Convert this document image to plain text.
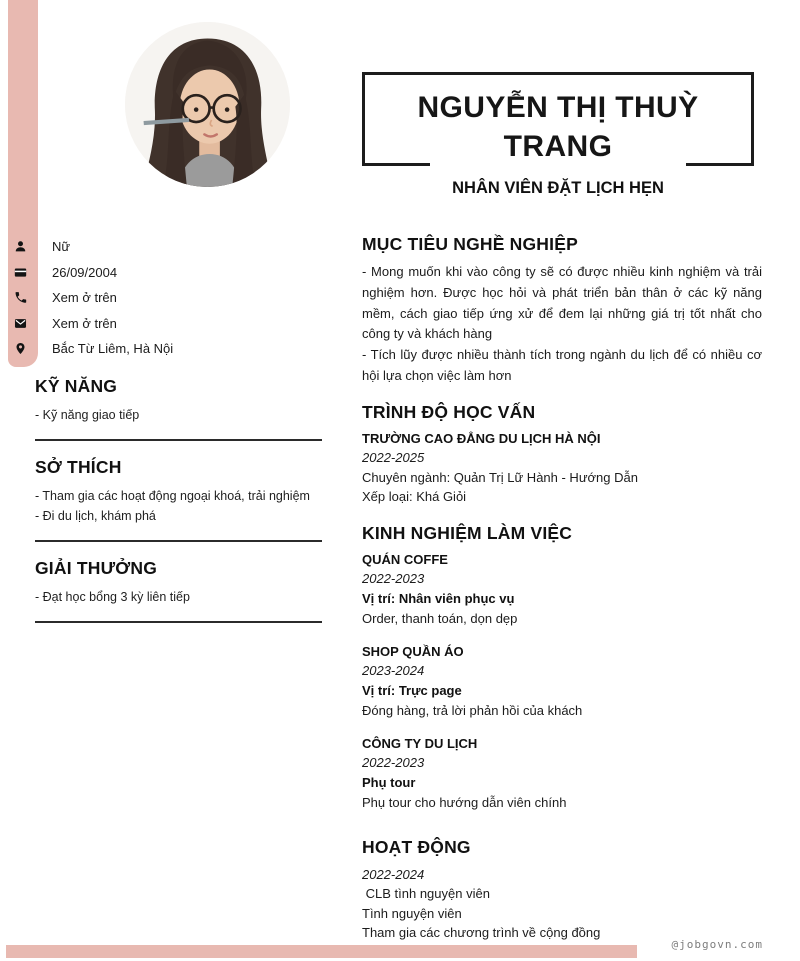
NGUYỄN THỊ THUỲ
TRANG
NHÂN VIÊN ĐẶT LỊCH HẸN
Nữ
26/09/2004
Xem ở trên
Xem ở trên
Bắc Từ Liêm, Hà Nội
KỸ NĂNG
- Kỹ năng giao tiếp
SỞ THÍCH
- Tham gia các hoạt động ngoại khoá, trải nghiệm
- Đi du lịch, khám phá
GIẢI THƯỞNG
- Đạt học bổng 3 kỳ liên tiếp
MỤC TIÊU NGHỀ NGHIỆP

- Mong muốn khi vào công ty sẽ có được nhiều kinh nghiệm và trải nghiệm hơn. Được học hỏi và phát triển bản thân ở các kỹ năng mềm, cách giao tiếp ứng xử để đem lại những giá trị tốt nhất cho công ty và khách hàng

- Tích lũy được nhiều thành tích trong ngành du lịch để có nhiều cơ hội lựa chọn việc làm hơn

TRÌNH ĐỘ HỌC VẤN
TRƯỜNG CAO ĐẲNG DU LỊCH HÀ NỘI
2022-2025
Chuyên ngành: Quản Trị Lữ Hành - Hướng Dẫn
Xếp loại: Khá Giỏi
KINH NGHIỆM LÀM VIỆC
QUÁN COFFE
2022-2023
Vị trí: Nhân viên phục vụ
Order, thanh toán, dọn dẹp
SHOP QUẦN ÁO
2023-2024
Vị trí: Trực page
Đóng hàng, trả lời phản hồi của khách
CÔNG TY DU LỊCH
2022-2023
Phụ tour
Phụ tour cho hướng dẫn viên chính
HOẠT ĐỘNG
2022-2024
CLB tình nguyện viên
Tình nguyện viên
Tham gia các chương trình về cộng đồng
@jobgovn.com
